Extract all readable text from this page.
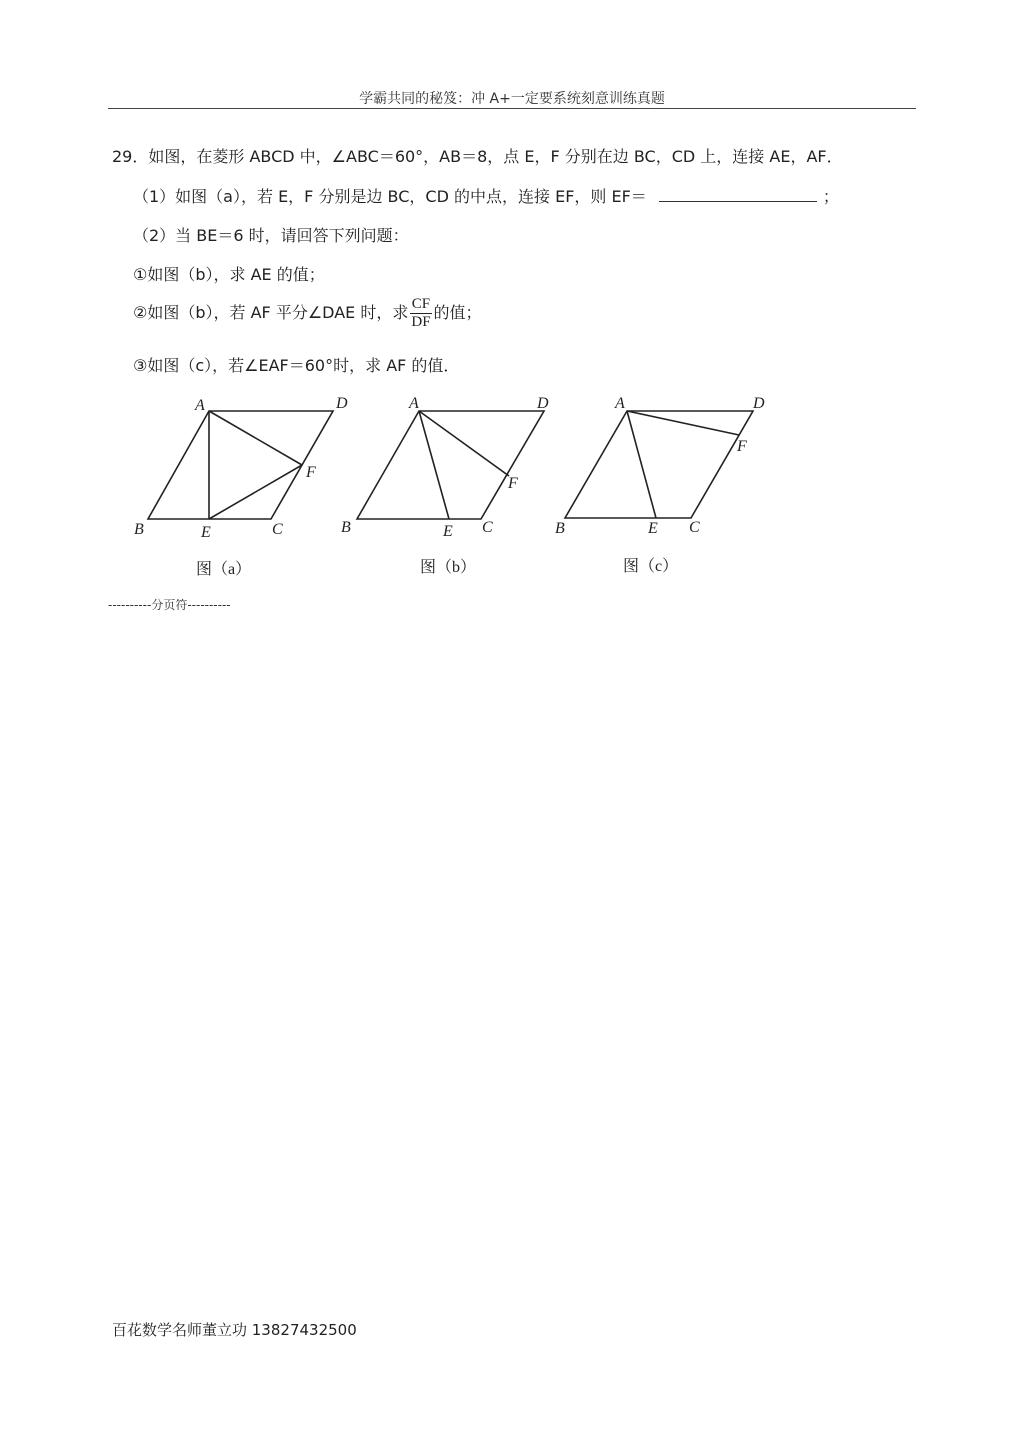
学霸共同的秘笈：冲 A+一定要系统刻意训练真题
29．如图，在菱形 ABCD 中，∠ABC＝60°，AB＝8，点 E，F 分别在边 BC，CD 上，连接 AE，AF．
（1）如图（a），若 E，F 分别是边 BC，CD 的中点，连接 EF，则 EF＝	；
（2）当 BE＝6 时，请回答下列问题：
①如图（b），求 AE 的值；
②如图（b），若 AF 平分∠DAE 时，求 $\frac{CF}{DF}$ 的值；
③如图（c），若∠EAF＝60°时，求 AF 的值．
A	D
B	C
E
F
图（a）
A	D
B	C
E
F
图（b）
A	D
B	C
E
F
图（c）
----------分页符----------
百花数学名师董立功 13827432500
